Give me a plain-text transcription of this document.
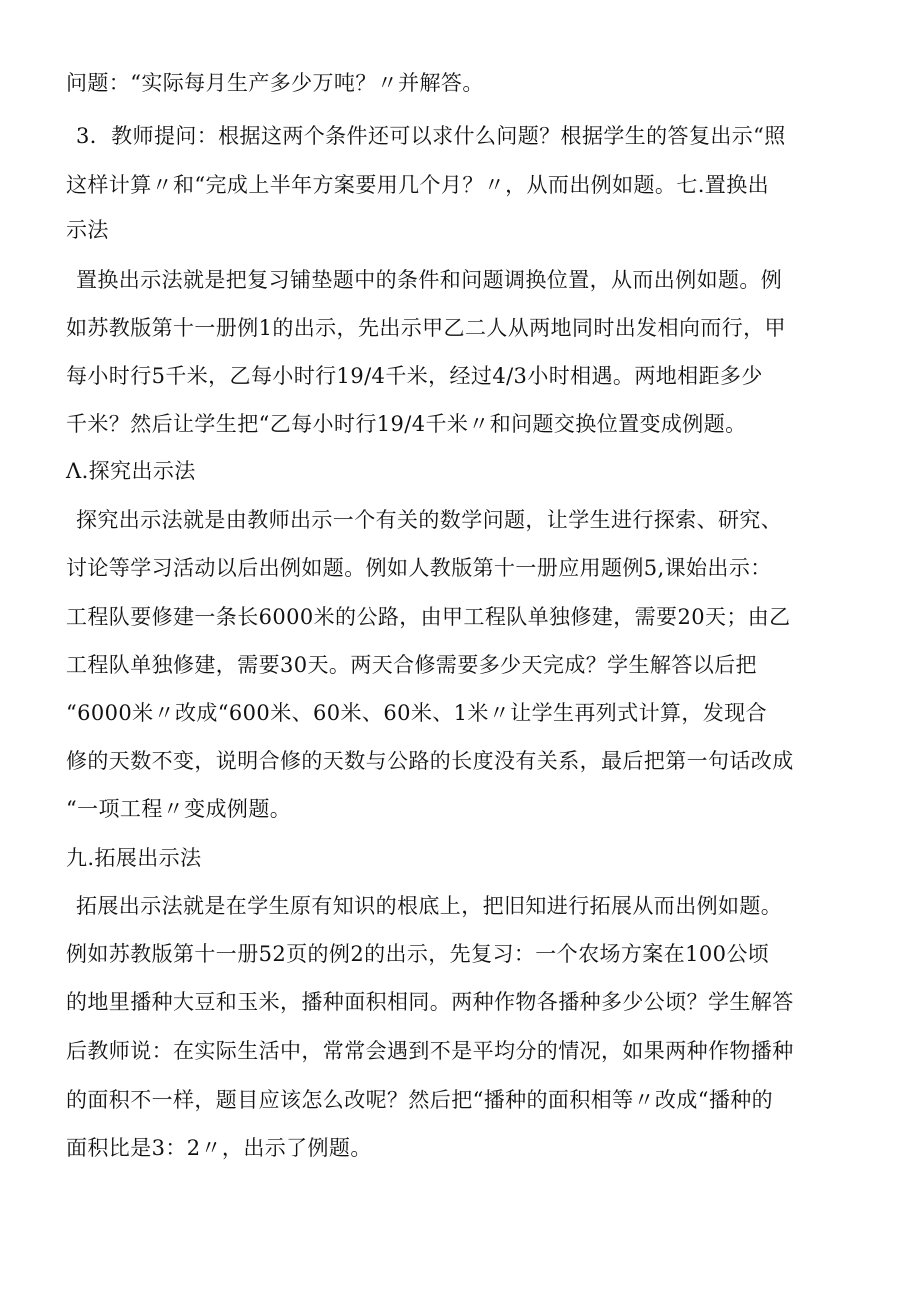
问题：“实际每月生产多少万吨？〃并解答。

3．教师提问：根据这两个条件还可以求什么问题？根据学生的答复出示“照

这样计算〃和“完成上半年方案要用几个月？〃，从而出例如题。七.置换出

示法

置换出示法就是把复习铺垫题中的条件和问题调换位置，从而出例如题。例

如苏教版第十一册例1的出示，先出示甲乙二人从两地同时出发相向而行，甲

每小时行5千米，乙每小时行19/4千米，经过4/3小时相遇。两地相距多少

千米？然后让学生把“乙每小时行19/4千米〃和问题交换位置变成例题。

Λ.探究出示法

探究出示法就是由教师出示一个有关的数学问题，让学生进行探索、研究、

讨论等学习活动以后出例如题。例如人教版第十一册应用题例5,课始出示：

工程队要修建一条长6000米的公路，由甲工程队单独修建，需要20天；由乙

工程队单独修建，需要30天。两天合修需要多少天完成？学生解答以后把

“6000米〃改成“600米、60米、60米、1米〃让学生再列式计算，发现合

修的天数不变，说明合修的天数与公路的长度没有关系，最后把第一句话改成

“一项工程〃变成例题。

九.拓展出示法

拓展出示法就是在学生原有知识的根底上，把旧知进行拓展从而出例如题。

例如苏教版第十一册52页的例2的出示，先复习：一个农场方案在100公顷

的地里播种大豆和玉米，播种面积相同。两种作物各播种多少公顷？学生解答

后教师说：在实际生活中，常常会遇到不是平均分的情况，如果两种作物播种

的面积不一样，题目应该怎么改呢？然后把“播种的面积相等〃改成“播种的

面积比是3：2〃，出示了例题。
